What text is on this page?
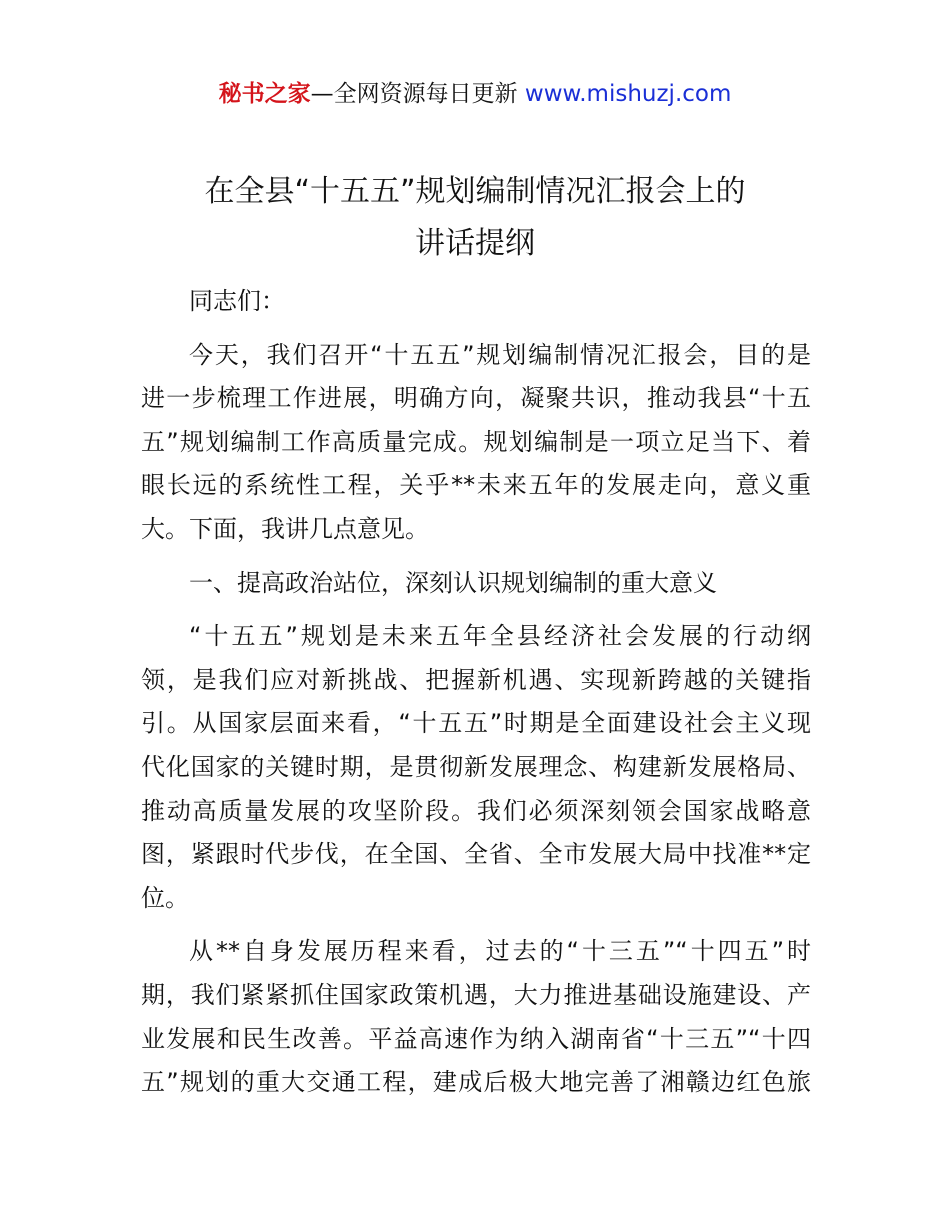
秘书之家—全网资源每日更新 www.mishuzj.com
在全县“十五五”规划编制情况汇报会上的
讲话提纲

同志们：

今天，我们召开“十五五”规划编制情况汇报会，目的是
进一步梳理工作进展，明确方向，凝聚共识，推动我县“十五
五”规划编制工作高质量完成。规划编制是一项立足当下、着
眼长远的系统性工程，关乎**未来五年的发展走向，意义重
大。下面，我讲几点意见。

一、提高政治站位，深刻认识规划编制的重大意义

“十五五”规划是未来五年全县经济社会发展的行动纲
领，是我们应对新挑战、把握新机遇、实现新跨越的关键指
引。从国家层面来看，“十五五”时期是全面建设社会主义现
代化国家的关键时期，是贯彻新发展理念、构建新发展格局、
推动高质量发展的攻坚阶段。我们必须深刻领会国家战略意
图，紧跟时代步伐，在全国、全省、全市发展大局中找准**定
位。

从**自身发展历程来看，过去的“十三五”“十四五”时
期，我们紧紧抓住国家政策机遇，大力推进基础设施建设、产
业发展和民生改善。平益高速作为纳入湖南省“十三五”“十四
五”规划的重大交通工程，建成后极大地完善了湘赣边红色旅
